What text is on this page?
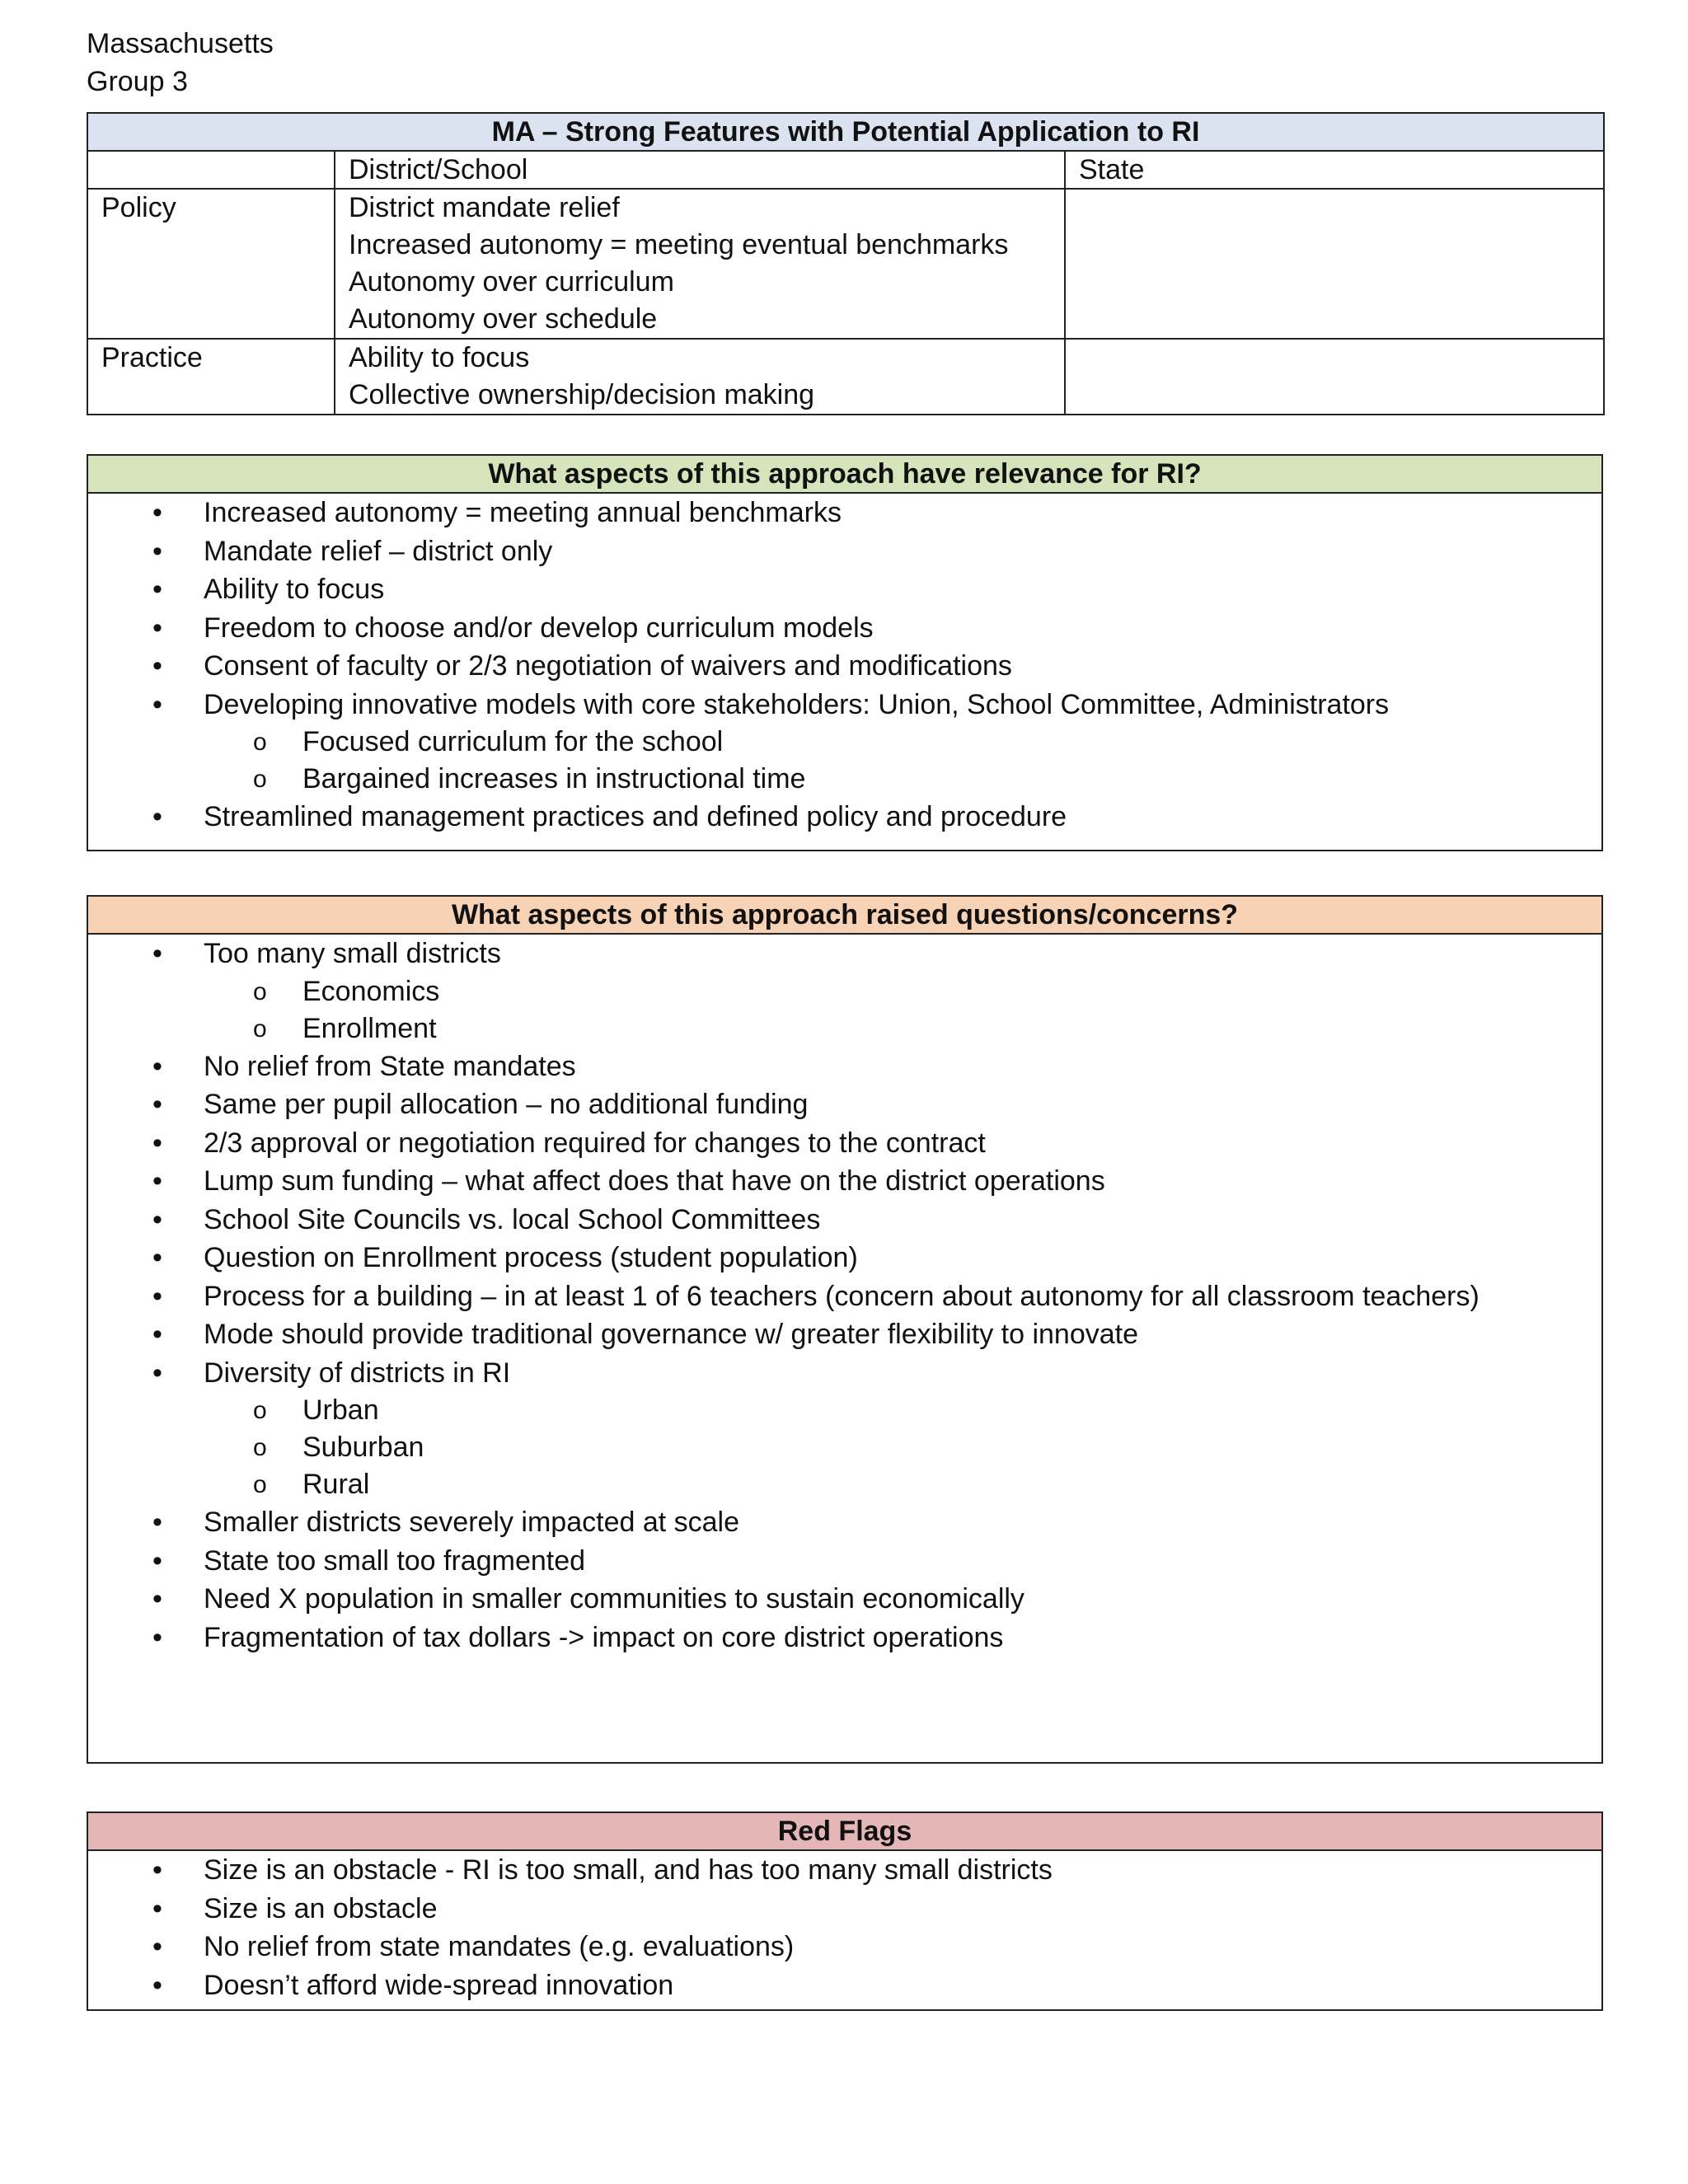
Massachusetts
Group 3
MA – Strong Features with Potential Application to RI		
	District/School	State
Policy	District mandate relief
Increased autonomy = meeting eventual benchmarks
Autonomy over curriculum
Autonomy over schedule	

Practice	Ability to focus
Collective ownership/decision making	

What aspects of this approach have relevance for RI?
• Increased autonomy = meeting annual benchmarks
• Mandate relief – district only
• Ability to focus
• Freedom to choose and/or develop curriculum models
• Consent of faculty or 2/3 negotiation of waivers and modifications
• Developing innovative models with core stakeholders: Union, School Committee, Administrators
o Focused curriculum for the school
o Bargained increases in instructional time
• Streamlined management practices and defined policy and procedure
What aspects of this approach raised questions/concerns?
• Too many small districts
o Economics
o Enrollment
• No relief from State mandates
• Same per pupil allocation – no additional funding
• 2/3 approval or negotiation required for changes to the contract
• Lump sum funding – what affect does that have on the district operations
• School Site Councils vs. local School Committees
• Question on Enrollment process (student population)
• Process for a building – in at least 1 of 6 teachers (concern about autonomy for all classroom teachers)
• Mode should provide traditional governance w/ greater flexibility to innovate
• Diversity of districts in RI
o Urban
o Suburban
o Rural
• Smaller districts severely impacted at scale
• State too small too fragmented
• Need X population in smaller communities to sustain economically
• Fragmentation of tax dollars -> impact on core district operations
Red Flags
• Size is an obstacle - RI is too small, and has too many small districts
• Size is an obstacle
• No relief from state mandates (e.g. evaluations)
• Doesn’t afford wide-spread innovation
